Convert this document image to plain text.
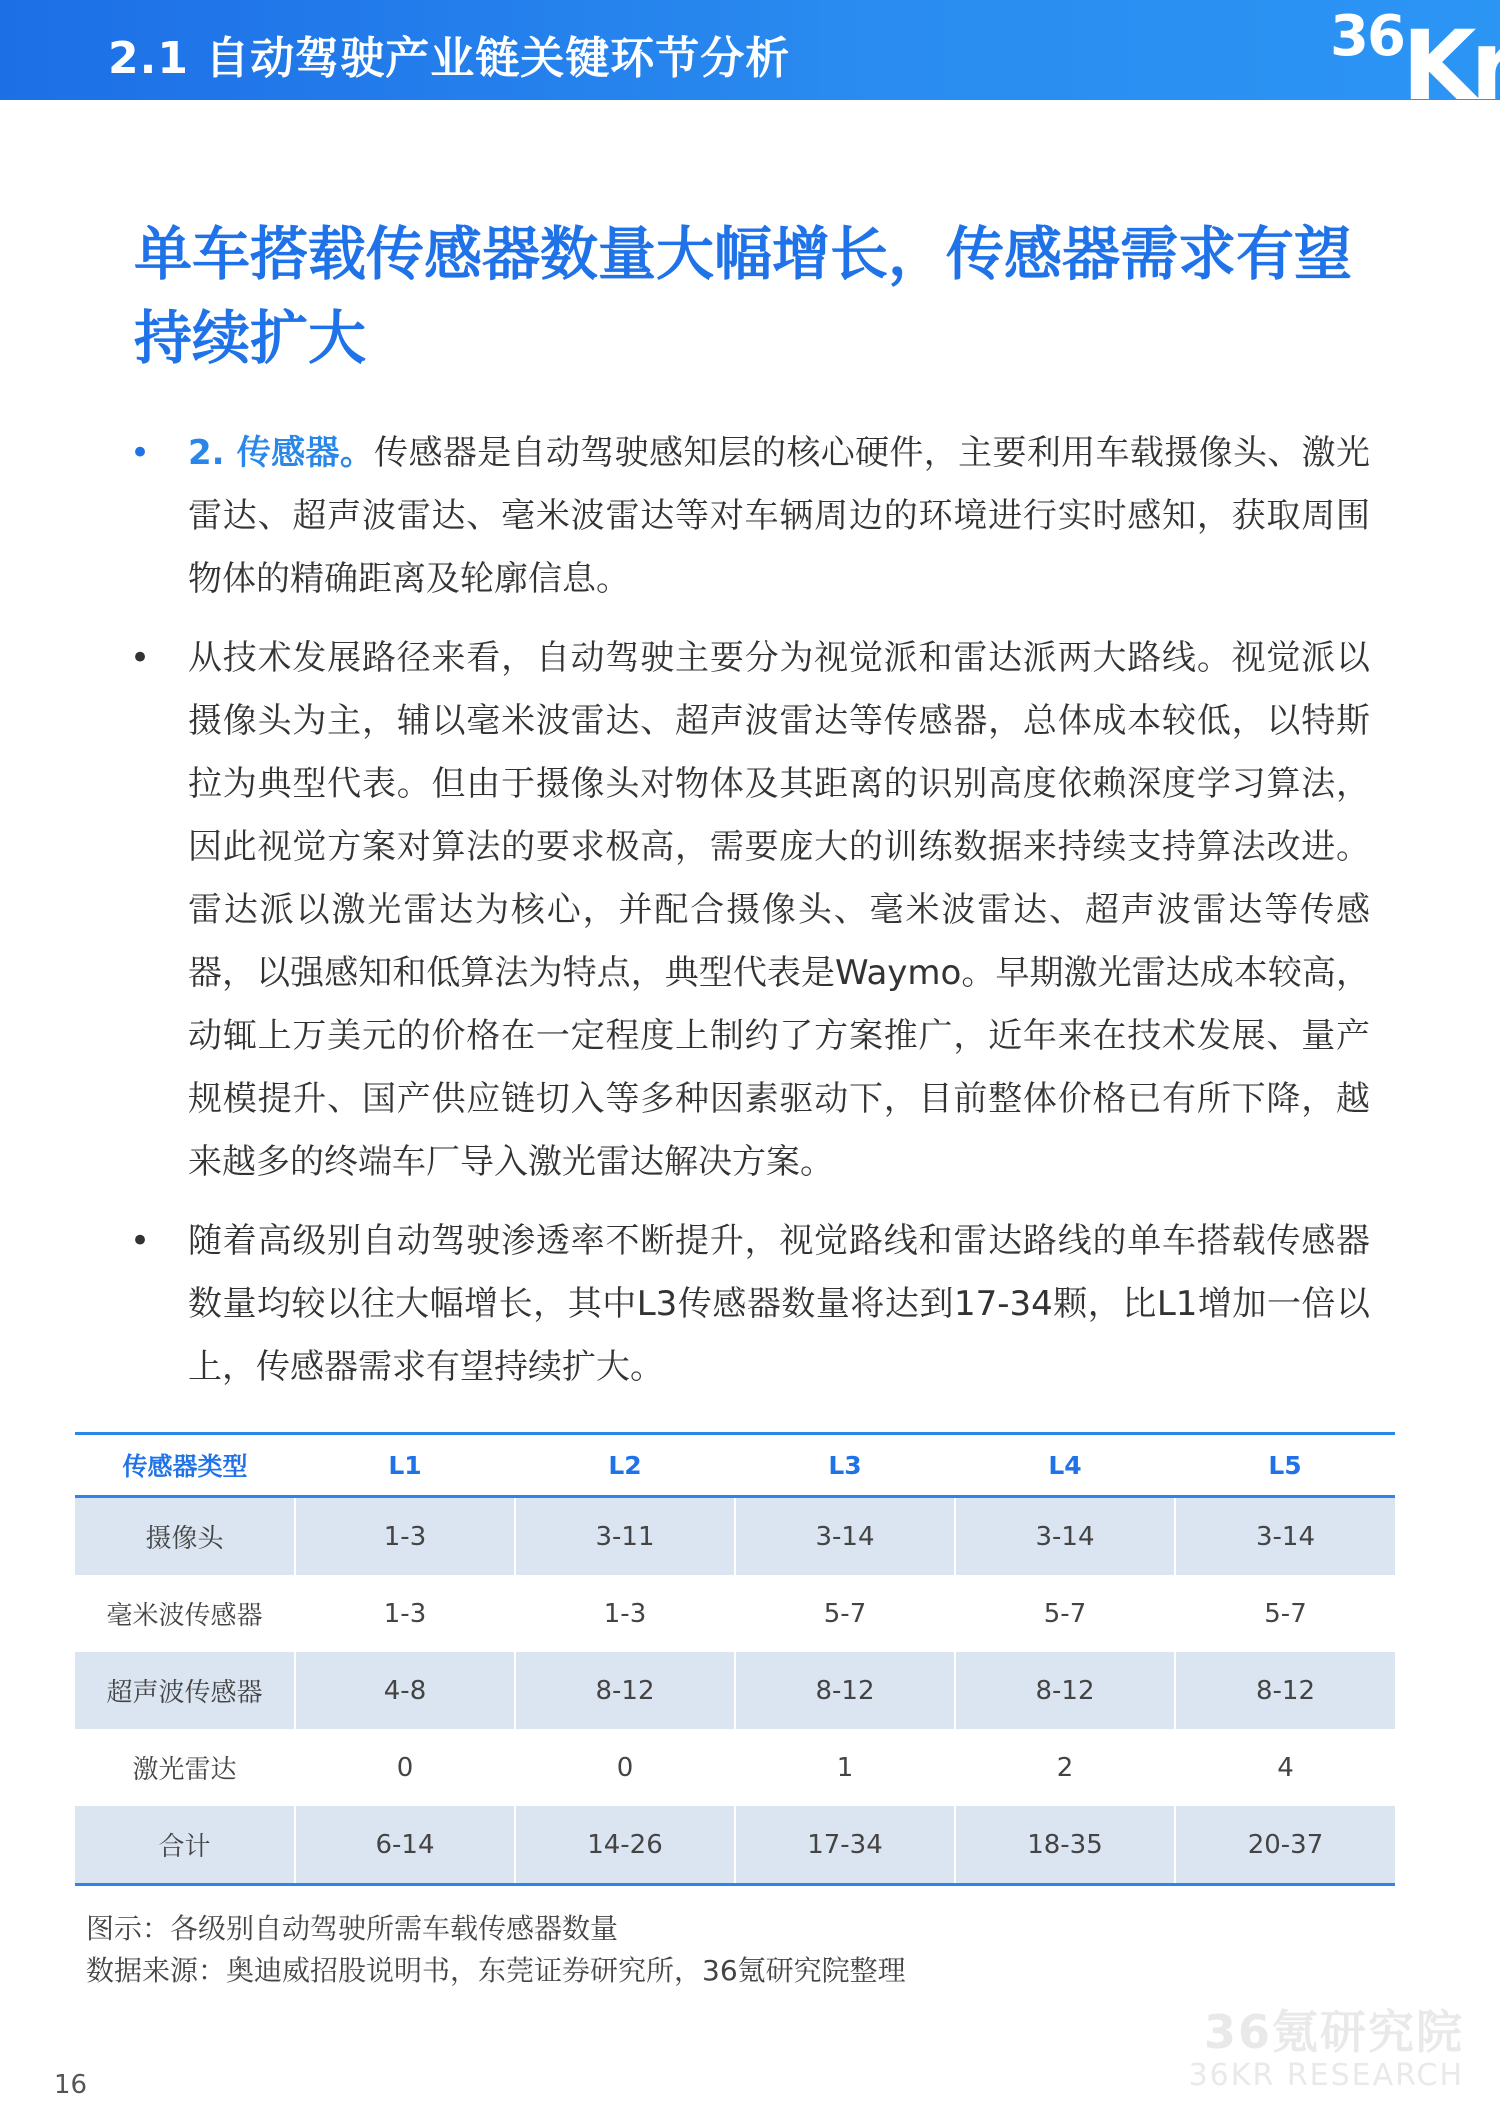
2.1 自动驾驶产业链关键环节分析	36
Kr
单车搭载传感器数量大幅增长，传感器需求有望持续扩大
• 2. 传感器。传感器是自动驾驶感知层的核心硬件，主要利用车载摄像头、激光雷达、超声波雷达、毫米波雷达等对车辆周边的环境进行实时感知，获取周围物体的精确距离及轮廓信息。
• 从技术发展路径来看，自动驾驶主要分为视觉派和雷达派两大路线。视觉派以摄像头为主，辅以毫米波雷达、超声波雷达等传感器，总体成本较低，以特斯拉为典型代表。但由于摄像头对物体及其距离的识别高度依赖深度学习算法，因此视觉方案对算法的要求极高，需要庞大的训练数据来持续支持算法改进。雷达派以激光雷达为核心，并配合摄像头、毫米波雷达、超声波雷达等传感器，以强感知和低算法为特点，典型代表是Waymo。早期激光雷达成本较高，动辄上万美元的价格在一定程度上制约了方案推广，近年来在技术发展、量产规模提升、国产供应链切入等多种因素驱动下，目前整体价格已有所下降，越来越多的终端车厂导入激光雷达解决方案。
• 随着高级别自动驾驶渗透率不断提升，视觉路线和雷达路线的单车搭载传感器数量均较以往大幅增长，其中L3传感器数量将达到17-34颗，比L1增加一倍以上，传感器需求有望持续扩大。
传感器类型	L1	L2	L3	L4	L5
摄像头	1-3	3-11	3-14	3-14	3-14
毫米波传感器	1-3	1-3	5-7	5-7	5-7
超声波传感器	4-8	8-12	8-12	8-12	8-12
激光雷达	0	0	1	2	4
合计	6-14	14-26	17-34	18-35	20-37
图示：各级别自动驾驶所需车载传感器数量
数据来源：奥迪威招股说明书，东莞证券研究所，36氪研究院整理
36氪研究院
36KR RESEARCH
16
